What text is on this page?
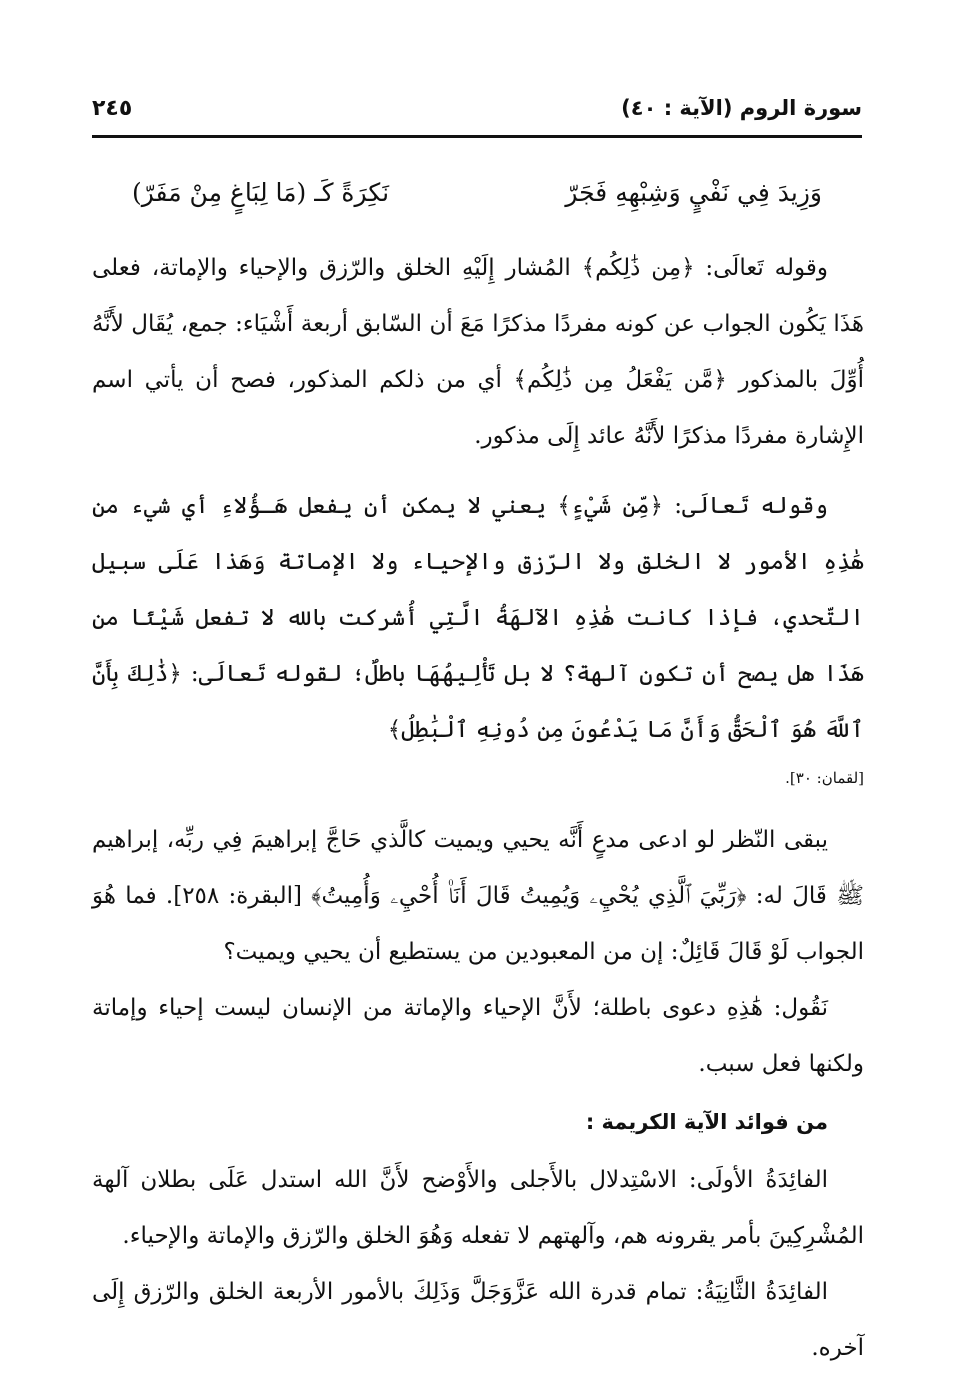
سورة الروم (الآية : ٤٠)
٢٤٥
وَزِيدَ فِي نَفْيٍ وَشِبْهِهِ فَجَرّ
نَكِرَةً كَـ (مَا لِبَاغٍ مِنْ مَفَرّ)

وقوله تَعالَى: ﴿مِن ذَٰلِكُم﴾ المُشار إِلَيْهِ الخلق والرّزق والإحياء والإماتة، فعلى هَذَا يَكُون الجواب عن كونه مفردًا مذكرًا مَعَ أن السّابق أربعة أَشْيَاء: جمع، يُقَال لأَنَّهُ أُوِّلَ بالمذكور ﴿مَّن يَفْعَلُ مِن ذَٰلِكُم﴾ أي من ذلكم المذكور، فصح أن يأتي اسم الإِشارة مفردًا مذكرًا لأَنَّهُ عائد إِلَى مذكور.

وقوله تَعالَى: ﴿مِّن شَيْءٍ﴾ يعني لا يمكن أن يفعل هَـؤُلاءِ أي شيء من هَٰذِهِ الأمور لا الخلق ولا الرّزق والإحياء ولا الإماتة وَهَذا عَلَى سبيل التّحدي، فإذا كانت هَٰذِهِ الآلهَةُ الَّتِي أُشركت بالله لا تفعل شَيْئًا من هَذَا هل يصح أن تكون آلهة؟ لا بل تَأْلِيهُهَا باطلٌ؛ لقوله تَعالَى: ﴿ذَٰلِكَ بِأَنَّ ٱللَّهَ هُوَ ٱلْحَقُّ وَأَنَّ مَا يَدْعُونَ مِن دُونِهِ ٱلْبَٰطِلُ﴾

[لقمان: ٣٠].

يبقى النّظر لو ادعى مدعٍ أَنَّه يحيي ويميت كالَّذي حَاجَّ إبراهيمَ فِي ربِّه، إبراهيم ﷺ قَالَ له: ﴿رَبِّيَ ٱلَّذِي يُحْيِۦ وَيُمِيتُ قَالَ أَنَا۠ أُحْيِۦ وَأُمِيتُ﴾ [البقرة: ٢٥٨]. فما هُوَ الجواب لَوْ قَالَ قَائِلٌ: إن من المعبودين من يستطيع أن يحيي ويميت؟

نَقُول: هَٰذِهِ دعوى باطلة؛ لأَنَّ الإحياء والإماتة من الإنسان ليست إحياء وإماتة ولكنها فعل سبب.

من فوائد الآية الكريمة :

الفائِدَةُ الأولَى: الاسْتِدلال بالأَجلى والأَوْضح لأَنَّ الله استدل عَلَى بطلان آلهة المُشْرِكِينَ بأمر يقرونه هم، وآلهتهم لا تفعله وَهُوَ الخلق والرّزق والإماتة والإحياء.

الفائِدَةُ الثَّانِيَةُ: تمام قدرة الله عَزَّوَجَلَّ وَذَلِكَ بالأمور الأربعة الخلق والرّزق إِلَى آخره.
